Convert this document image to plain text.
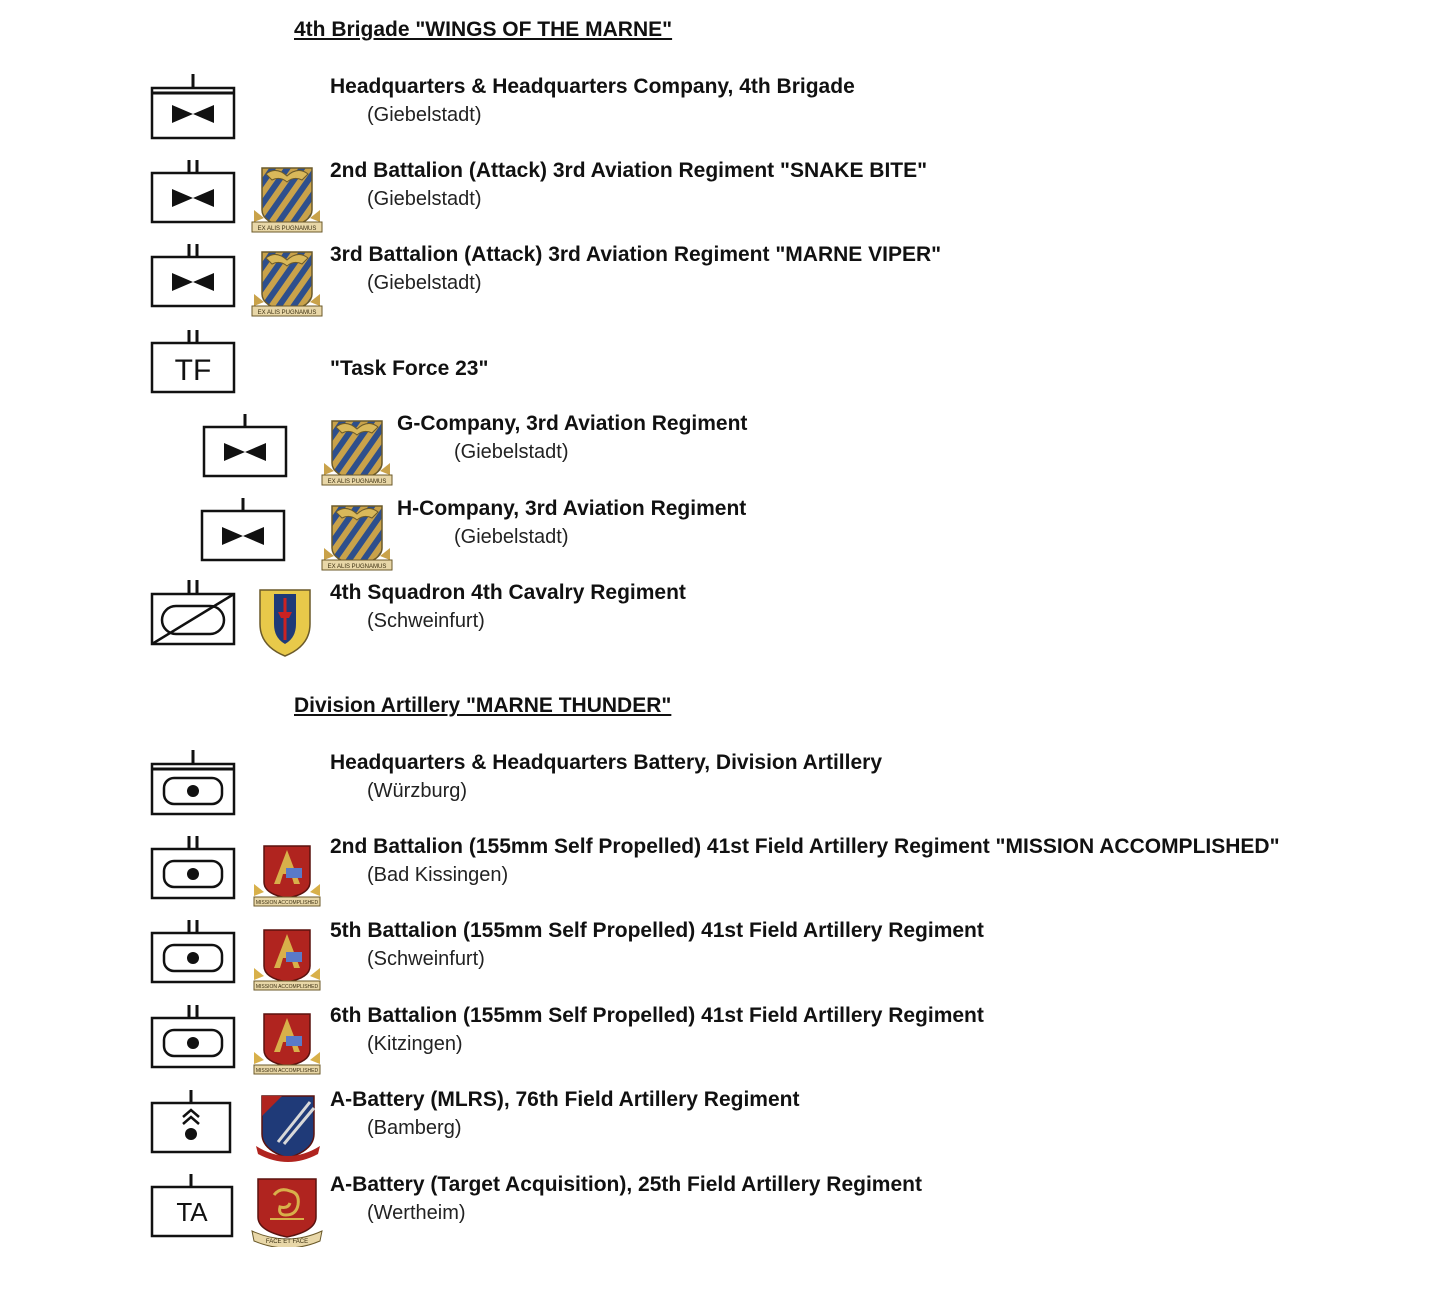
4th Brigade "WINGS OF THE MARNE"
Headquarters & Headquarters Company, 4th Brigade
(Giebelstadt)
EX ALIS PUGNAMUS
2nd Battalion (Attack) 3rd Aviation Regiment "SNAKE BITE"
(Giebelstadt)
EX ALIS PUGNAMUS
3rd Battalion (Attack) 3rd Aviation Regiment "MARNE VIPER"
(Giebelstadt)
TF	"Task Force 23"
EX ALIS PUGNAMUS
G-Company, 3rd Aviation Regiment
(Giebelstadt)
EX ALIS PUGNAMUS
H-Company, 3rd Aviation Regiment
(Giebelstadt)
4th Squadron 4th Cavalry Regiment
(Schweinfurt)
Division Artillery "MARNE THUNDER"
Headquarters & Headquarters Battery, Division Artillery
(Würzburg)
MISSION ACCOMPLISHED
2nd Battalion (155mm Self Propelled) 41st Field Artillery Regiment "MISSION ACCOMPLISHED"
(Bad Kissingen)
MISSION ACCOMPLISHED
5th Battalion (155mm Self Propelled) 41st Field Artillery Regiment
(Schweinfurt)
MISSION ACCOMPLISHED
6th Battalion (155mm Self Propelled) 41st Field Artillery Regiment
(Kitzingen)
A-Battery (MLRS), 76th Field Artillery Regiment
(Bamberg)
TA
FACE ET FACE
A-Battery (Target Acquisition), 25th Field Artillery Regiment
(Wertheim)
